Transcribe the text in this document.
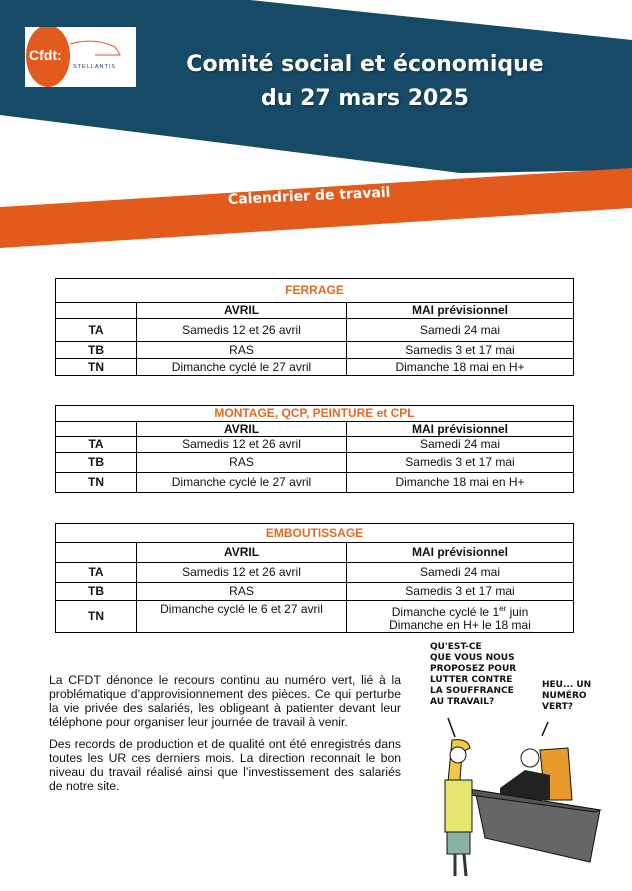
Cfdt:
STELLANTIS	Comité social et économique
du 27 mars 2025
Calendrier de travail
FERRAGE		
	AVRIL	MAI prévisionnel
TA	Samedis 12 et 26 avril	Samedi 24 mai
TB	RAS	Samedis 3 et 17 mai
TN	Dimanche cyclé le 27 avril	Dimanche 18 mai en H+
MONTAGE, QCP, PEINTURE et CPL		
	AVRIL	MAI prévisionnel
TA	Samedis 12 et 26 avril	Samedi 24 mai
TB	RAS	Samedis 3 et 17 mai
TN	Dimanche cyclé le 27 avril	Dimanche 18 mai en H+
EMBOUTISSAGE		
	AVRIL	MAI prévisionnel
TA	Samedis 12 et 26 avril	Samedi 24 mai
TB	RAS	Samedis 3 et 17 mai
TN	Dimanche cyclé le 6 et 27 avril	Dimanche cyclé le 1er juin
Dimanche en H+ le 18 mai

La CFDT dénonce le recours continu au numéro vert, lié à la problématique d’approvisionnement des pièces. Ce qui perturbe la vie privée des salariés, les obligeant à patienter devant leur téléphone pour organiser leur journée de travail à venir.

Des records de production et de qualité ont été enregistrés dans toutes les UR ces derniers mois. La direction reconnait le bon niveau du travail réalisé ainsi que l’investissement des salariés de notre site.

QU'EST-CE
QUE VOUS NOUS
PROPOSEZ POUR
LUTTER CONTRE
LA SOUFFRANCE
AU TRAVAIL?
HEU... UN
NUMÉRO
VERT?
